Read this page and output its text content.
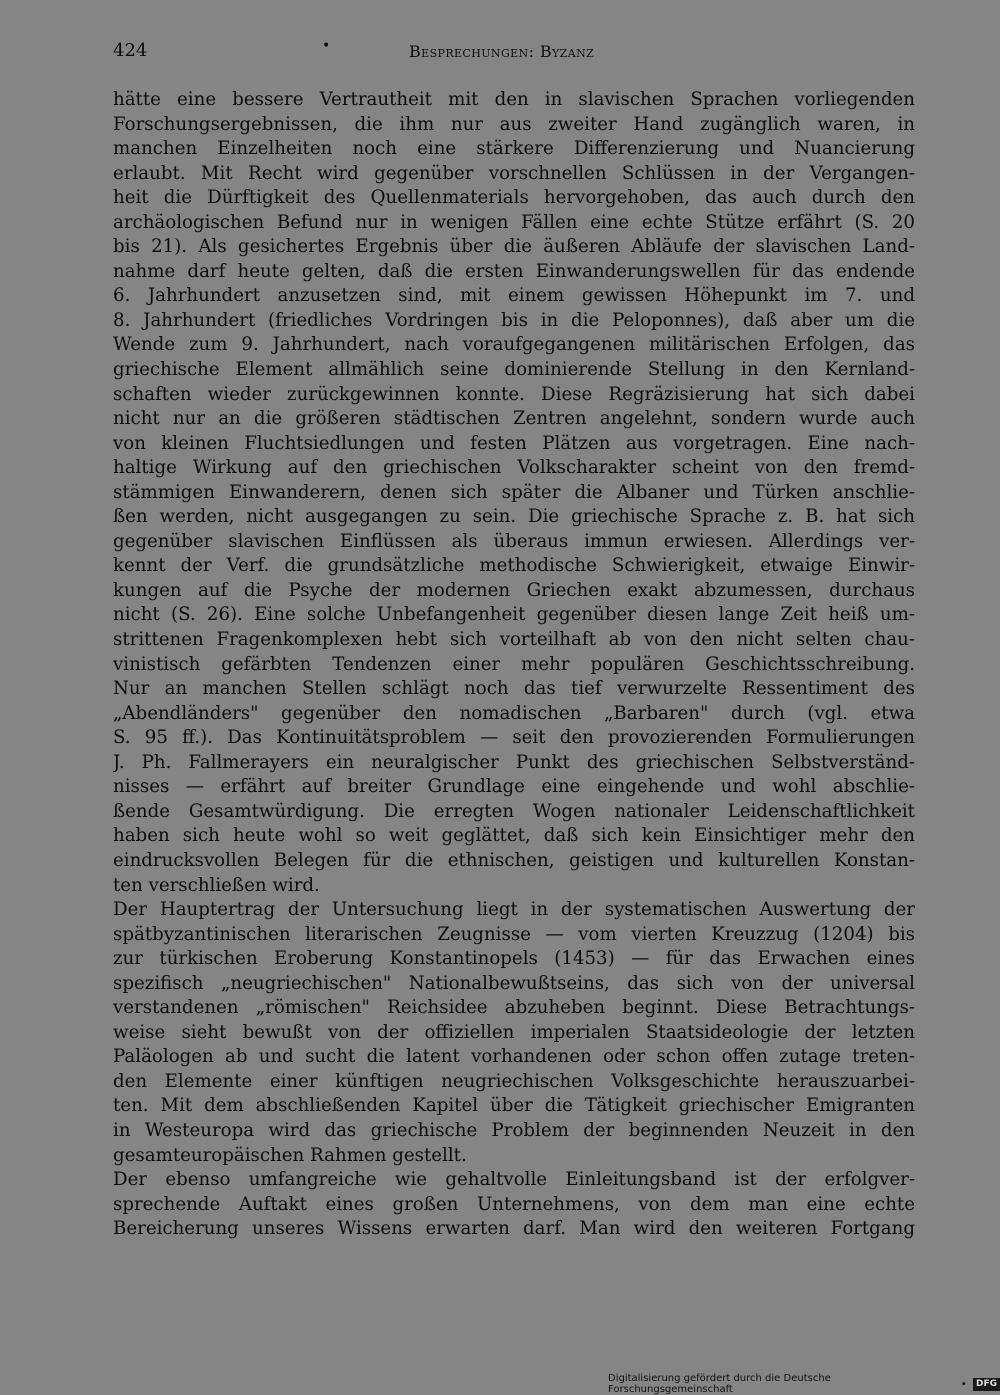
424	•	Besprechungen: Byzanz
hätte eine bessere Vertrautheit mit den in slavischen Sprachen vorliegenden
Forschungsergebnissen, die ihm nur aus zweiter Hand zugänglich waren, in
manchen Einzelheiten noch eine stärkere Differenzierung und Nuancierung
erlaubt. Mit Recht wird gegenüber vorschnellen Schlüssen in der Vergangen-
heit die Dürftigkeit des Quellenmaterials hervorgehoben, das auch durch den
archäologischen Befund nur in wenigen Fällen eine echte Stütze erfährt (S. 20
bis 21). Als gesichertes Ergebnis über die äußeren Abläufe der slavischen Land-
nahme darf heute gelten, daß die ersten Einwanderungswellen für das endende
6. Jahrhundert anzusetzen sind, mit einem gewissen Höhepunkt im 7. und
8. Jahrhundert (friedliches Vordringen bis in die Peloponnes), daß aber um die
Wende zum 9. Jahrhundert, nach voraufgegangenen militärischen Erfolgen, das
griechische Element allmählich seine dominierende Stellung in den Kernland-
schaften wieder zurückgewinnen konnte. Diese Regräzisierung hat sich dabei
nicht nur an die größeren städtischen Zentren angelehnt, sondern wurde auch
von kleinen Fluchtsiedlungen und festen Plätzen aus vorgetragen. Eine nach-
haltige Wirkung auf den griechischen Volkscharakter scheint von den fremd-
stämmigen Einwanderern, denen sich später die Albaner und Türken anschlie-
ßen werden, nicht ausgegangen zu sein. Die griechische Sprache z. B. hat sich
gegenüber slavischen Einflüssen als überaus immun erwiesen. Allerdings ver-
kennt der Verf. die grundsätzliche methodische Schwierigkeit, etwaige Einwir-
kungen auf die Psyche der modernen Griechen exakt abzumessen, durchaus
nicht (S. 26). Eine solche Unbefangenheit gegenüber diesen lange Zeit heiß um-
strittenen Fragenkomplexen hebt sich vorteilhaft ab von den nicht selten chau-
vinistisch gefärbten Tendenzen einer mehr populären Geschichtsschreibung.
Nur an manchen Stellen schlägt noch das tief verwurzelte Ressentiment des
„Abendländers" gegenüber den nomadischen „Barbaren" durch (vgl. etwa
S. 95 ff.). Das Kontinuitätsproblem — seit den provozierenden Formulierungen
J. Ph. Fallmerayers ein neuralgischer Punkt des griechischen Selbstverständ-
nisses — erfährt auf breiter Grundlage eine eingehende und wohl abschlie-
ßende Gesamtwürdigung. Die erregten Wogen nationaler Leidenschaftlichkeit
haben sich heute wohl so weit geglättet, daß sich kein Einsichtiger mehr den
eindrucksvollen Belegen für die ethnischen, geistigen und kulturellen Konstan-
ten verschließen wird.
Der Hauptertrag der Untersuchung liegt in der systematischen Auswertung der
spätbyzantinischen literarischen Zeugnisse — vom vierten Kreuzzug (1204) bis
zur türkischen Eroberung Konstantinopels (1453) — für das Erwachen eines
spezifisch „neugriechischen" Nationalbewußtseins, das sich von der universal
verstandenen „römischen" Reichsidee abzuheben beginnt. Diese Betrachtungs-
weise sieht bewußt von der offiziellen imperialen Staatsideologie der letzten
Paläologen ab und sucht die latent vorhandenen oder schon offen zutage treten-
den Elemente einer künftigen neugriechischen Volksgeschichte herauszuarbei-
ten. Mit dem abschließenden Kapitel über die Tätigkeit griechischer Emigranten
in Westeuropa wird das griechische Problem der beginnenden Neuzeit in den
gesamteuropäischen Rahmen gestellt.
Der ebenso umfangreiche wie gehaltvolle Einleitungsband ist der erfolgver-
sprechende Auftakt eines großen Unternehmens, von dem man eine echte
Bereicherung unseres Wissens erwarten darf. Man wird den weiteren Fortgang
Digitalisierung gefördert durch die Deutsche Forschungsgemeinschaft	• DFG
